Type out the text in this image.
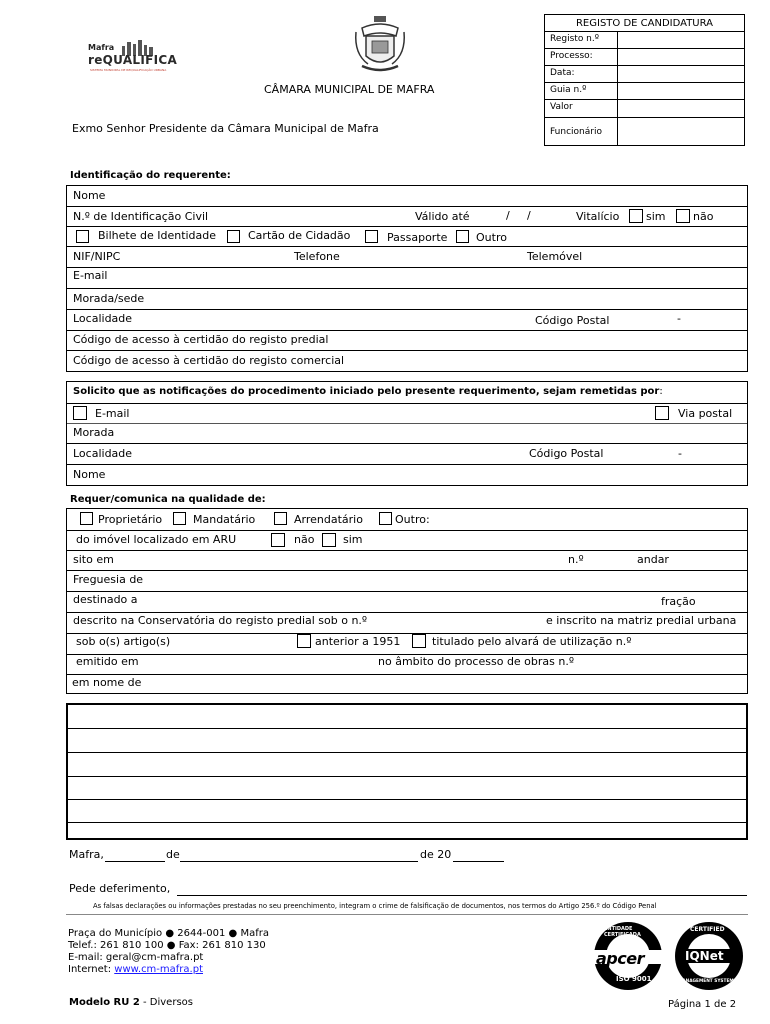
Mafra
reQUALIFICA
SISTEMA MUNICIPAL DE REQUALIFICAÇÃO URBANA
CÂMARA MUNICIPAL DE MAFRA
Exmo Senhor Presidente da Câmara Municipal de Mafra
REGISTO DE CANDIDATURA
Registo n.º
Processo:
Data:
Guia n.º
Valor
Funcionário
Identificação do requerente:
Nome
N.º de Identificação Civil	Válido até	/ /	Vitalício sim não
Bilhete de Identidade	Cartão de Cidadão	Passaporte	Outro
NIF/NIPC	Telefone	Telemóvel
E-mail
Morada/sede
Localidade	Código Postal	-
Código de acesso à certidão do registo predial
Código de acesso à certidão do registo comercial
Solicito que as notificações do procedimento iniciado pelo presente requerimento, sejam remetidas por:
E-mail	Via postal
Morada
Localidade	Código Postal	-
Nome
Requer/comunica na qualidade de:
Proprietário	Mandatário	Arrendatário	Outro:
do imóvel localizado em ARU	não	sim
sito em	n.º	andar
Freguesia de
destinado a	fração
descrito na Conservatória do registo predial sob o n.º	e inscrito na matriz predial urbana
sob o(s) artigo(s)	anterior a 1951	titulado pelo alvará de utilização n.º
emitido em	no âmbito do processo de obras n.º
em nome de
Mafra,	de	de 20
Pede deferimento,
As falsas declarações ou informações prestadas no seu preenchimento, integram o crime de falsificação de documentos, nos termos do Artigo 256.º do Código Penal
Praça do Município ● 2644-001 ● Mafra
Telef.: 261 810 100 ● Fax: 261 810 130
E-mail: geral@cm-mafra.pt
Internet: www.cm-mafra.pt
ENTIDADE CERTIFICADA
apcer
ISO 9001
CERTIFIED
IQNet
MANAGEMENT SYSTEM
Modelo RU 2 - Diversos	Página 1 de 2
